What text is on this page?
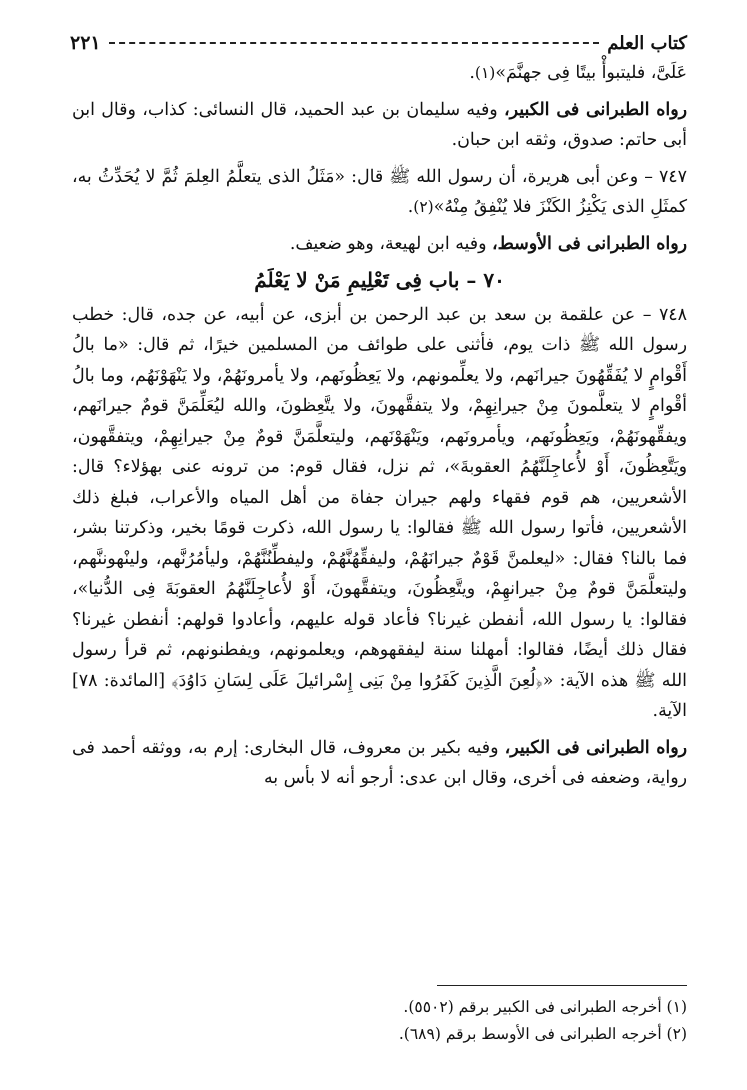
كتاب العلم
٢٢١

عَلَىَّ، فليتبوأْ بيتًا فِى جهنَّمَ»(١).

رواه الطبرانى فى الكبير، وفيه سليمان بن عبد الحميد، قال النسائى: كذاب، وقال ابن أبى حاتم: صدوق، وثقه ابن حبان.

٧٤٧ – وعن أبى هريرة، أن رسول الله ﷺ قال: «مَثَلُ الذى يتعلَّمُ العِلمَ ثُمَّ لا يُحَدِّثُ به، كمثَلِ الذى يَكْنِزُ الكَنْزَ فلا يُنْفِقُ مِنْهُ»(٢).

رواه الطبرانى فى الأوسط، وفيه ابن لهيعة، وهو ضعيف.

٧٠ – باب فِى تَعْلِيمِ مَنْ لا يَعْلَمُ

٧٤٨ – عن علقمة بن سعد بن عبد الرحمن بن أبزى، عن أبيه، عن جده، قال: خطب رسول الله ﷺ ذات يوم، فأثنى على طوائف من المسلمين خيرًا، ثم قال: «ما بالُ أَقْوامٍ لا يُفَقِّهُونَ جيرانَهم، ولا يعلِّمونهم، ولا يَعِظُونَهم، ولا يأمرونَهُمْ، ولا يَنْهَوْنَهُم، وما بالُ أقْوامٍ لا يتعلَّمونَ مِنْ جيرانِهِمْ، ولا يتفقَّهونَ، ولا يتَّعِظونَ، والله ليُعَلِّمَنَّ قومٌ جيرانَهم، ويفقِّهونَهُمْ، ويَعِظُونَهم، ويأمرونَهم، ويَنْهَوْنَهم، وليتعلَّمَنَّ قومٌ مِنْ جيرانِهِمْ، ويتفقَّهون، ويَتَّعِظُونَ، أَوْ لأُعاجِلَنَّهُمُ العقوبةَ»، ثم نزل، فقال قوم: من ترونه عنى بهؤلاء؟ قال: الأشعريين، هم قوم فقهاء ولهم جيران جفاة من أهل المياه والأعراب، فبلغ ذلك الأشعريين، فأتوا رسول الله ﷺ فقالوا: يا رسول الله، ذكرت قومًا بخير، وذكرتنا بشر، فما بالنا؟ فقال: «ليعلمنَّ قَوْمٌ جيرانَهُمْ، وليفقِّهُنَّهُمْ، وليفطِّنُنَّهُمْ، وليأمُرُنَّهم، ولينْهوننَّهم، وليتعلَّمَنَّ قومٌ مِنْ جيرانهِمْ، ويتَّعِظُونَ، ويتفقَّهونَ، أَوْ لأُعاجِلَنَّهُمُ العقوبَةَ فِى الدُّنيا»، فقالوا: يا رسول الله، أنفطن غيرنا؟ فأعاد قوله عليهم، وأعادوا قولهم: أنفطن غيرنا؟ فقال ذلك أيضًا، فقالوا: أمهلنا سنة ليفقهوهم، ويعلمونهم، ويفطنونهم، ثم قرأ رسول الله ﷺ هذه الآية: «﴿لُعِنَ الَّذِينَ كَفَرُوا مِنْ بَنِى إِسْرائيلَ عَلَى لِسَانِ دَاوُدَ﴾ [المائدة: ٧٨] الآية.

رواه الطبرانى فى الكبير، وفيه بكير بن معروف، قال البخارى: إرم به، ووثقه أحمد فى رواية، وضعفه فى أخرى، وقال ابن عدى: أرجو أنه لا بأس به

(١) أخرجه الطبرانى فى الكبير برقم (٥٥٠٢).
(٢) أخرجه الطبرانى فى الأوسط برقم (٦٨٩).
